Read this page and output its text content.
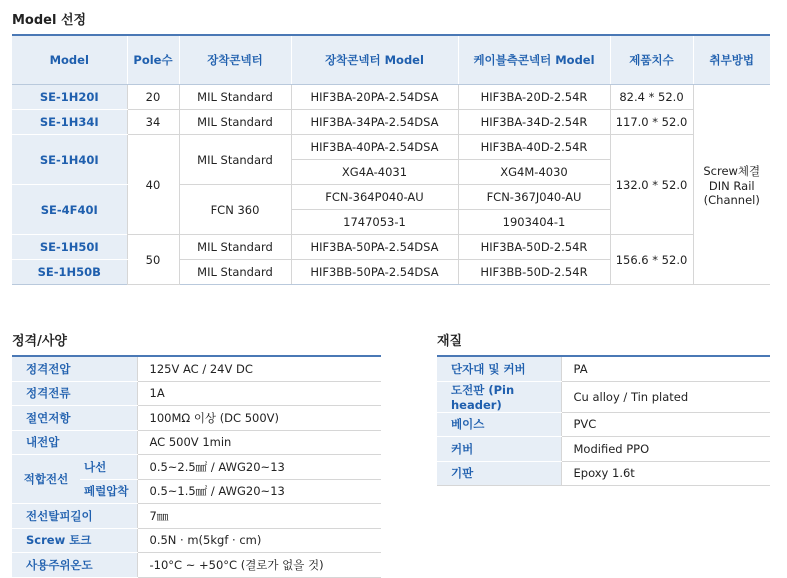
Model 선정
Model	Pole수	장착콘넥터	장착콘넥터 Model	케이블측콘넥터 Model	제품치수	취부방법
SE-1H20I	20	MIL Standard	HIF3BA-20PA-2.54DSA	HIF3BA-20D-2.54R	82.4 * 52.0	Screw체결
DIN Rail
(Channel)

SE-1H34I	34	MIL Standard	HIF3BA-34PA-2.54DSA	HIF3BA-34D-2.54R	117.0 * 52.0	
SE-1H40I	40	MIL Standard	HIF3BA-40PA-2.54DSA	HIF3BA-40D-2.54R	132.0 * 52.0	
			XG4A-4031	XG4M-4030		
SE-4F40I		FCN 360	FCN-364P040-AU	FCN-367J040-AU		
			1747053-1	1903404-1		
SE-1H50I	50	MIL Standard	HIF3BA-50PA-2.54DSA	HIF3BA-50D-2.54R	156.6 * 52.0	
SE-1H50B		MIL Standard	HIF3BB-50PA-2.54DSA	HIF3BB-50D-2.54R		
정격/사양
정격전압		125V AC / 24V DC
정격전류		1A
절연저항		100MΩ 이상 (DC 500V)
내전압		AC 500V 1min
적합전선	나선	0.5~2.5㎟ / AWG20~13
	페럴압착	0.5~1.5㎟ / AWG20~13
전선탈피길이		7㎜
Screw 토크		0.5N · m(5kgf · cm)
사용주위온도		-10°C ~ +50°C (결로가 없을 것)
재질
단자대 및 커버	PA
도전판 (Pin header)	Cu alloy / Tin plated
베이스	PVC
커버	Modified PPO
기판	Epoxy 1.6t
